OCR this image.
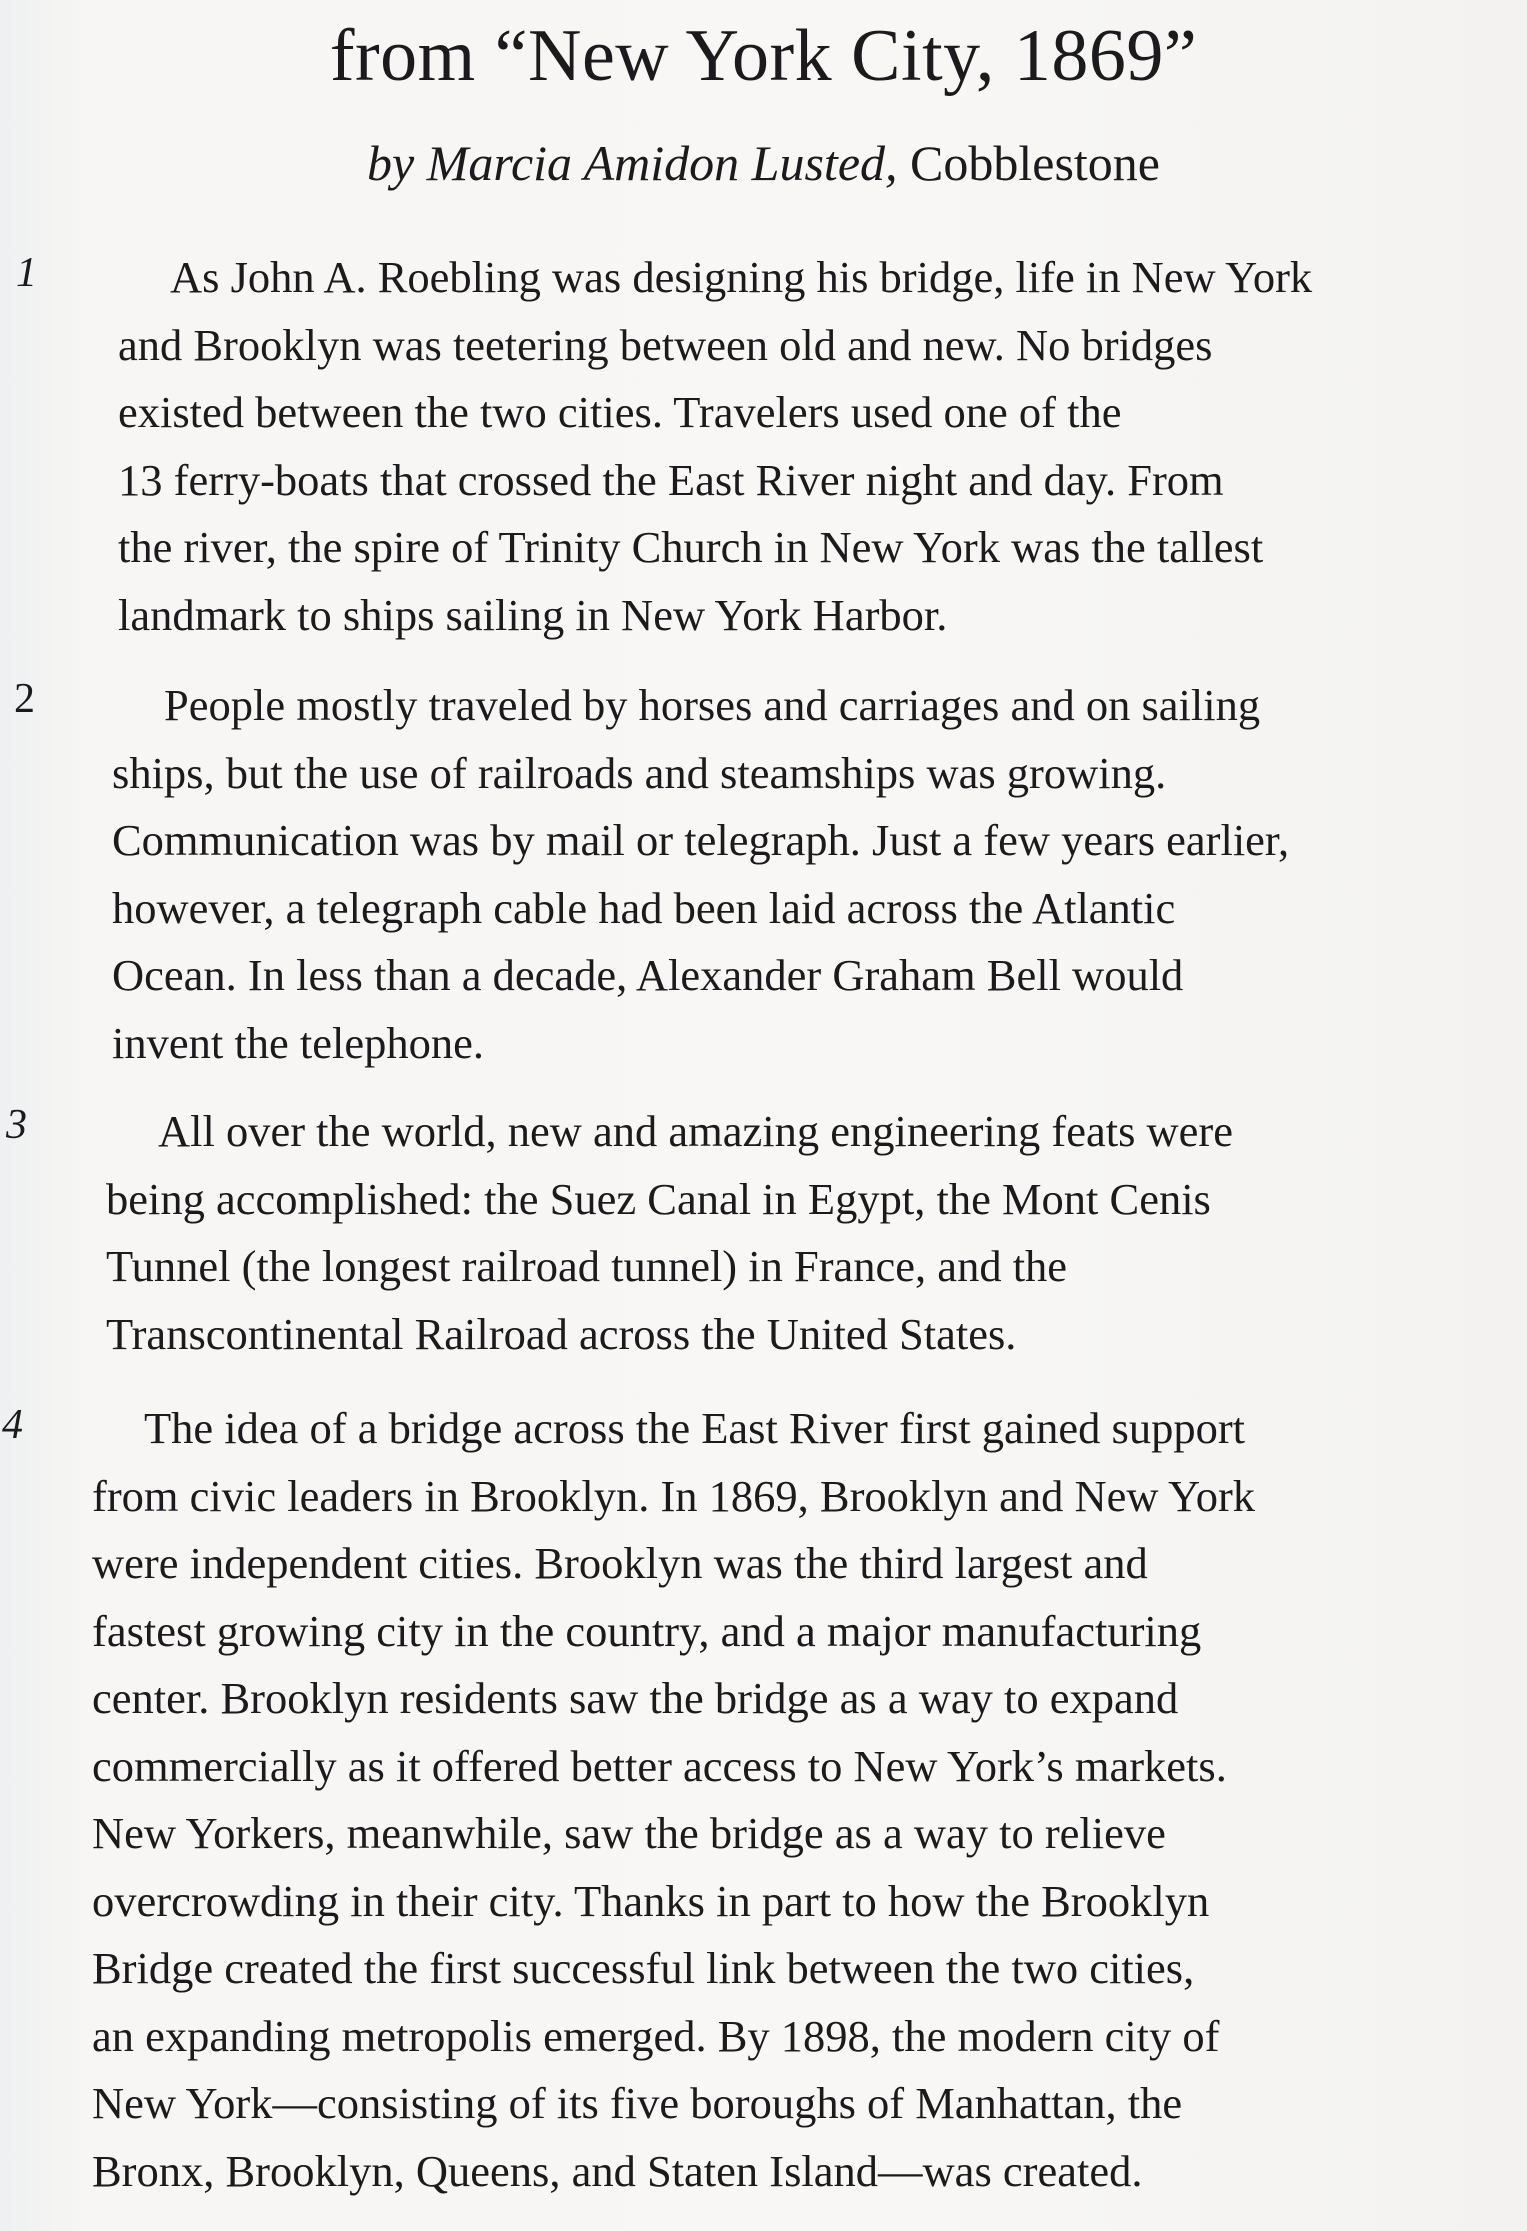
from “New York City, 1869”

by Marcia Amidon Lusted, Cobblestone

1	As John A. Roebling was designing his bridge, life in New York
and Brooklyn was teetering between old and new. No bridges
existed between the two cities. Travelers used one of the
13 ferry-boats that crossed the East River night and day. From
the river, the spire of Trinity Church in New York was the tallest
landmark to ships sailing in New York Harbor.
2	People mostly traveled by horses and carriages and on sailing
ships, but the use of railroads and steamships was growing.
Communication was by mail or telegraph. Just a few years earlier,
however, a telegraph cable had been laid across the Atlantic
Ocean. In less than a decade, Alexander Graham Bell would
invent the telephone.
3	All over the world, new and amazing engineering feats were
being accomplished: the Suez Canal in Egypt, the Mont Cenis
Tunnel (the longest railroad tunnel) in France, and the
Transcontinental Railroad across the United States.
4	The idea of a bridge across the East River first gained support
from civic leaders in Brooklyn. In 1869, Brooklyn and New York
were independent cities. Brooklyn was the third largest and
fastest growing city in the country, and a major manufacturing
center. Brooklyn residents saw the bridge as a way to expand
commercially as it offered better access to New York’s markets.
New Yorkers, meanwhile, saw the bridge as a way to relieve
overcrowding in their city. Thanks in part to how the Brooklyn
Bridge created the first successful link between the two cities,
an expanding metropolis emerged. By 1898, the modern city of
New York—consisting of its five boroughs of Manhattan, the
Bronx, Brooklyn, Queens, and Staten Island—was created.
